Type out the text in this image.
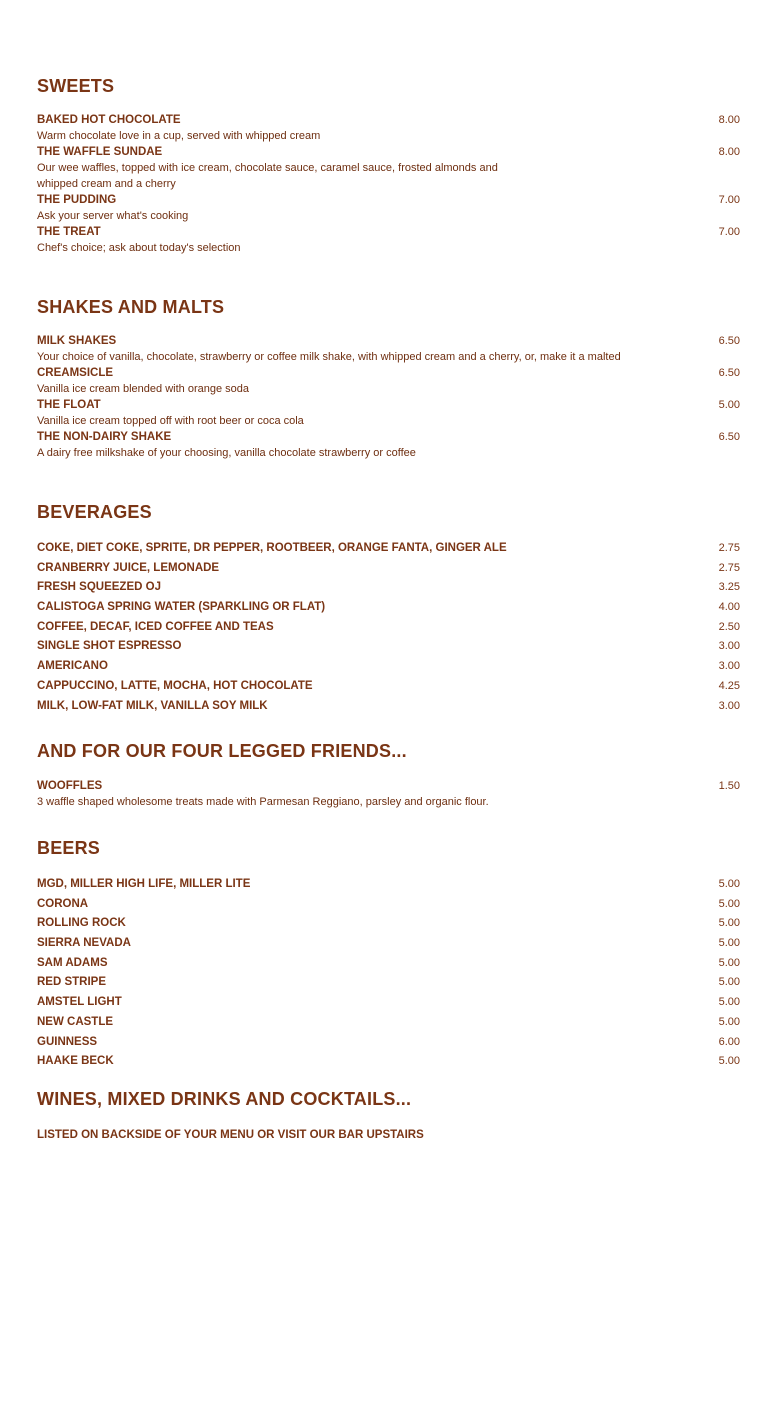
SWEETS
BAKED HOT CHOCOLATE	8.00
Warm chocolate love in a cup, served with whipped cream
THE WAFFLE SUNDAE	8.00
Our wee waffles, topped with ice cream, chocolate sauce, caramel sauce, frosted almonds and whipped cream and a cherry
THE PUDDING	7.00
Ask your server what's cooking
THE TREAT	7.00
Chef's choice; ask about today's selection
SHAKES AND MALTS
MILK SHAKES	6.50
Your choice of vanilla, chocolate, strawberry or coffee milk shake, with whipped cream and a cherry, or, make it a malted
CREAMSICLE	6.50
Vanilla ice cream blended with orange soda
THE FLOAT	5.00
Vanilla ice cream topped off with root beer or coca cola
THE NON-DAIRY SHAKE	6.50
A dairy free milkshake of your choosing, vanilla chocolate strawberry or coffee
BEVERAGES
COKE, DIET COKE, SPRITE, DR PEPPER, ROOTBEER, ORANGE FANTA, GINGER ALE	2.75
CRANBERRY JUICE, LEMONADE	2.75
FRESH SQUEEZED OJ	3.25
CALISTOGA SPRING WATER (SPARKLING OR FLAT)	4.00
COFFEE, DECAF, ICED COFFEE AND TEAS	2.50
SINGLE SHOT ESPRESSO	3.00
AMERICANO	3.00
CAPPUCCINO, LATTE, MOCHA, HOT CHOCOLATE	4.25
MILK, LOW-FAT MILK, VANILLA SOY MILK	3.00
AND FOR OUR FOUR LEGGED FRIENDS...
WOOFFLES	1.50
3 waffle shaped wholesome treats made with Parmesan Reggiano, parsley and organic flour.
BEERS
MGD, MILLER HIGH LIFE, MILLER LITE	5.00
CORONA	5.00
ROLLING ROCK	5.00
SIERRA NEVADA	5.00
SAM ADAMS	5.00
RED STRIPE	5.00
AMSTEL LIGHT	5.00
NEW CASTLE	5.00
GUINNESS	6.00
HAAKE BECK	5.00
WINES, MIXED DRINKS AND COCKTAILS...
LISTED ON BACKSIDE OF YOUR MENU OR VISIT OUR BAR UPSTAIRS
